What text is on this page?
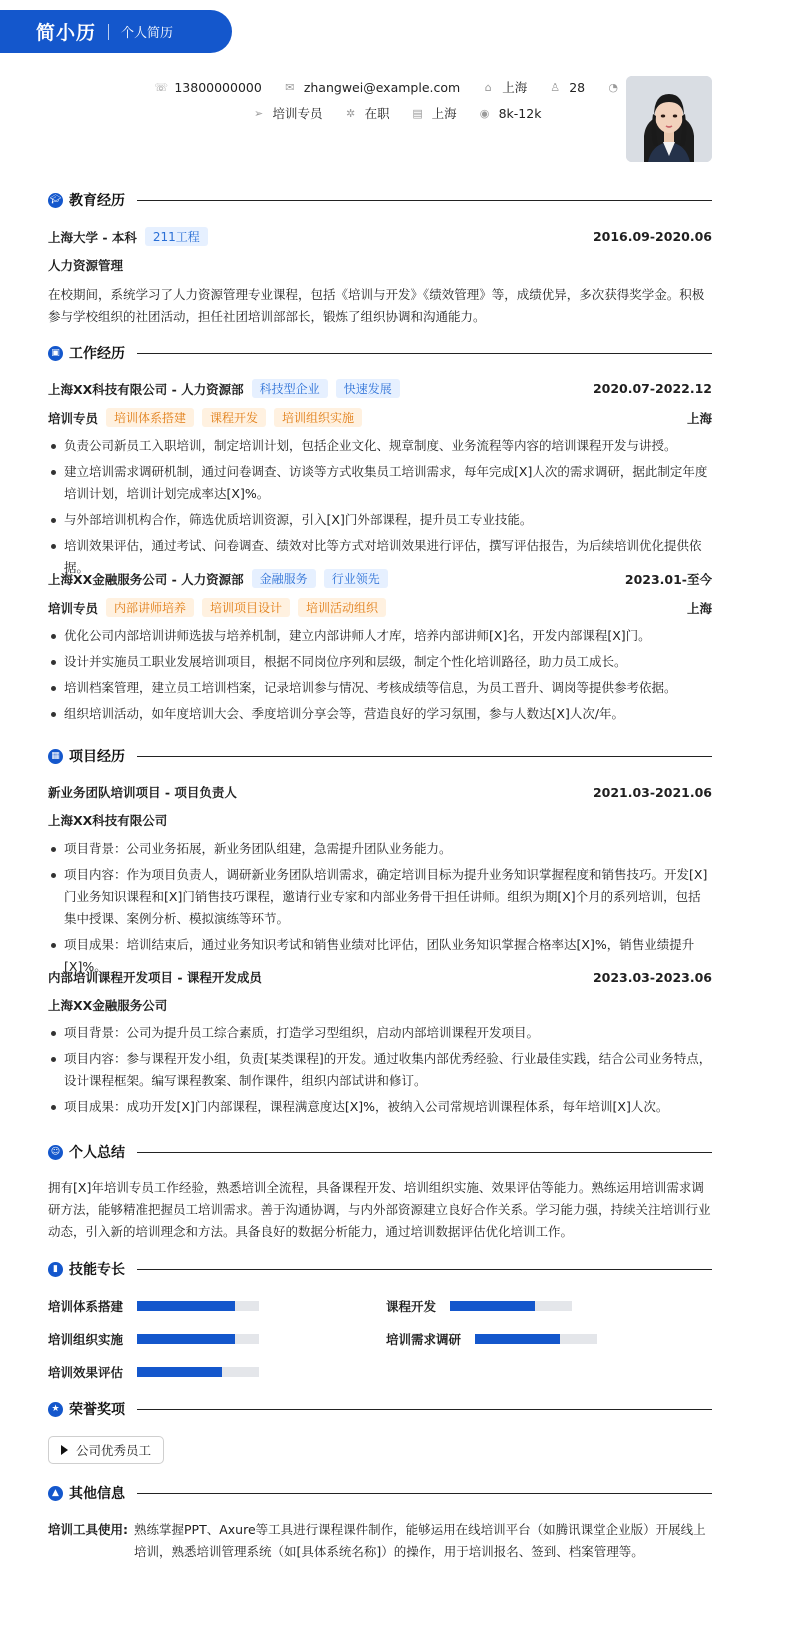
简小历 个人简历
☏ 13800000000 ✉ zhangwei@example.com ⌂ 上海 ♙ 28 ◔
➢ 培训专员 ✲ 在职 ▤ 上海 ◉ 8k-12k
🎓︎ 教育经历
上海大学 - 本科	211工程	2016.09-2020.06
人力资源管理
在校期间，系统学习了人力资源管理专业课程，包括《培训与开发》《绩效管理》等，成绩优异，多次获得奖学金。积极参与学校组织的社团活动，担任社团培训部部长，锻炼了组织协调和沟通能力。
▣ 工作经历
上海XX科技有限公司 - 人力资源部	科技型企业	快速发展	2020.07-2022.12
培训专员	培训体系搭建	课程开发	培训组织实施	上海
负责公司新员工入职培训，制定培训计划，包括企业文化、规章制度、业务流程等内容的培训课程开发与讲授。
建立培训需求调研机制，通过问卷调查、访谈等方式收集员工培训需求，每年完成[X]人次的需求调研，据此制定年度培训计划，培训计划完成率达[X]%。
与外部培训机构合作，筛选优质培训资源，引入[X]门外部课程，提升员工专业技能。
培训效果评估，通过考试、问卷调查、绩效对比等方式对培训效果进行评估，撰写评估报告，为后续培训优化提供依据。
上海XX金融服务公司 - 人力资源部	金融服务	行业领先	2023.01-至今
培训专员	内部讲师培养	培训项目设计	培训活动组织	上海
优化公司内部培训讲师选拔与培养机制，建立内部讲师人才库，培养内部讲师[X]名，开发内部课程[X]门。
设计并实施员工职业发展培训项目，根据不同岗位序列和层级，制定个性化培训路径，助力员工成长。
培训档案管理，建立员工培训档案，记录培训参与情况、考核成绩等信息，为员工晋升、调岗等提供参考依据。
组织培训活动，如年度培训大会、季度培训分享会等，营造良好的学习氛围，参与人数达[X]人次/年。
▦ 项目经历
新业务团队培训项目 - 项目负责人	2021.03-2021.06
上海XX科技有限公司
项目背景：公司业务拓展，新业务团队组建，急需提升团队业务能力。
项目内容：作为项目负责人，调研新业务团队培训需求，确定培训目标为提升业务知识掌握程度和销售技巧。开发[X]门业务知识课程和[X]门销售技巧课程，邀请行业专家和内部业务骨干担任讲师。组织为期[X]个月的系列培训，包括集中授课、案例分析、模拟演练等环节。
项目成果：培训结束后，通过业务知识考试和销售业绩对比评估，团队业务知识掌握合格率达[X]%，销售业绩提升[X]%。
内部培训课程开发项目 - 课程开发成员	2023.03-2023.06
上海XX金融服务公司
项目背景：公司为提升员工综合素质，打造学习型组织，启动内部培训课程开发项目。
项目内容：参与课程开发小组，负责[某类课程]的开发。通过收集内部优秀经验、行业最佳实践，结合公司业务特点，设计课程框架。编写课程教案、制作课件，组织内部试讲和修订。
项目成果：成功开发[X]门内部课程，课程满意度达[X]%，被纳入公司常规培训课程体系，每年培训[X]人次。
☺ 个人总结
拥有[X]年培训专员工作经验，熟悉培训全流程，具备课程开发、培训组织实施、效果评估等能力。熟练运用培训需求调研方法，能够精准把握员工培训需求。善于沟通协调，与内外部资源建立良好合作关系。学习能力强，持续关注培训行业动态，引入新的培训理念和方法。具备良好的数据分析能力，通过培训数据评估优化培训工作。
▮ 技能专长
培训体系搭建	课程开发
培训组织实施	培训需求调研
培训效果评估
★ 荣誉奖项
公司优秀员工
▲ 其他信息
培训工具使用: 熟练掌握PPT、Axure等工具进行课程课件制作，能够运用在线培训平台（如腾讯课堂企业版）开展线上培训，熟悉培训管理系统（如[具体系统名称]）的操作，用于培训报名、签到、档案管理等。
